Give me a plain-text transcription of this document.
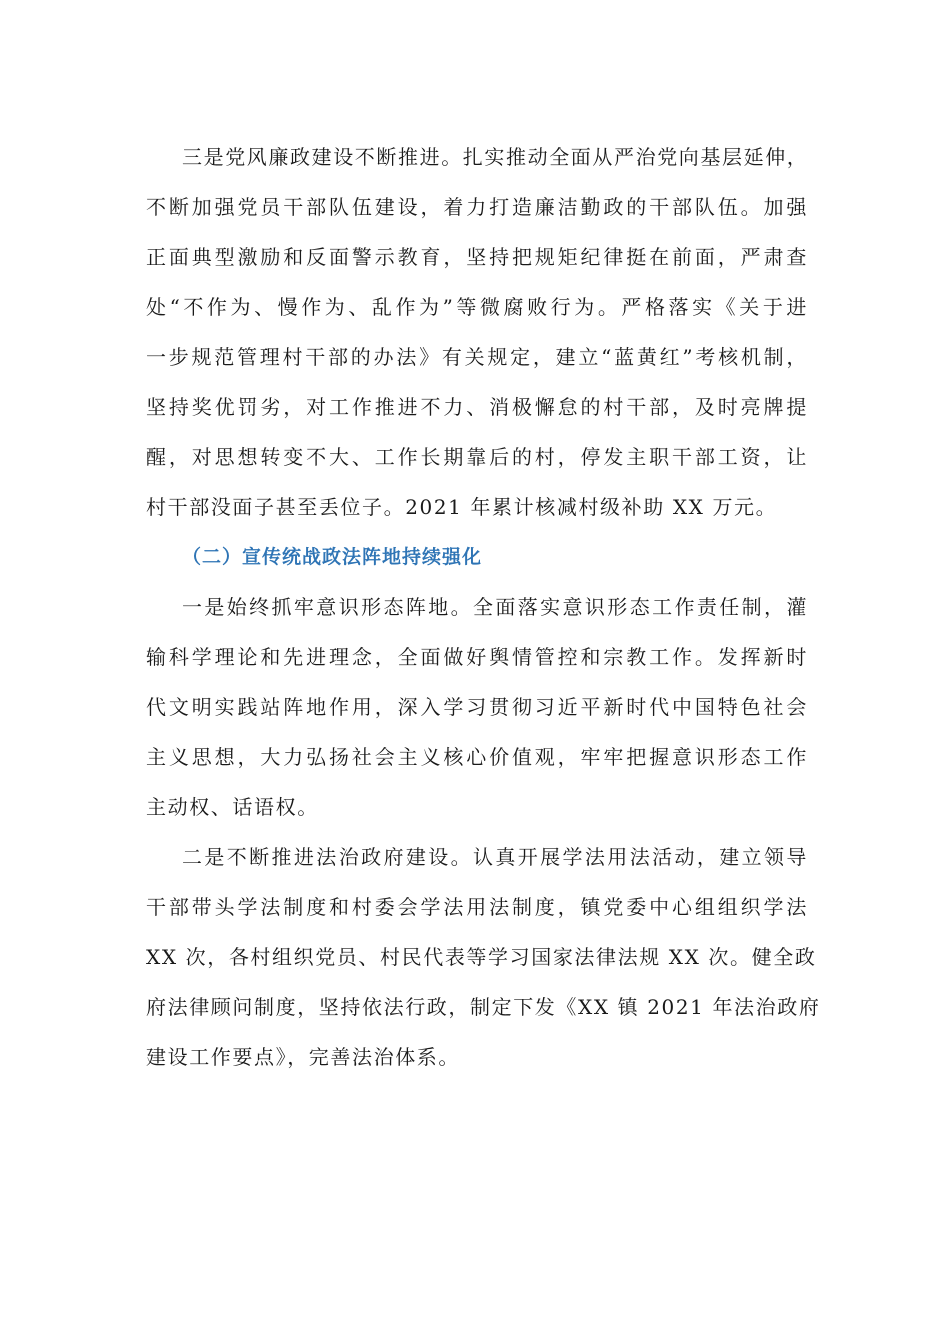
三是党风廉政建设不断推进。扎实推动全面从严治党向基层延伸，
不断加强党员干部队伍建设，着力打造廉洁勤政的干部队伍。加强
正面典型激励和反面警示教育，坚持把规矩纪律挺在前面，严肃查
处“不作为、慢作为、乱作为”等微腐败行为。严格落实《关于进
一步规范管理村干部的办法》有关规定，建立“蓝黄红”考核机制，
坚持奖优罚劣，对工作推进不力、消极懈怠的村干部，及时亮牌提
醒，对思想转变不大、工作长期靠后的村，停发主职干部工资，让
村干部没面子甚至丢位子。2021 年累计核减村级补助 XX 万元。

（二）宣传统战政法阵地持续强化

一是始终抓牢意识形态阵地。全面落实意识形态工作责任制，灌
输科学理论和先进理念，全面做好舆情管控和宗教工作。发挥新时
代文明实践站阵地作用，深入学习贯彻习近平新时代中国特色社会
主义思想，大力弘扬社会主义核心价值观，牢牢把握意识形态工作
主动权、话语权。

二是不断推进法治政府建设。认真开展学法用法活动，建立领导
干部带头学法制度和村委会学法用法制度，镇党委中心组组织学法
XX 次，各村组织党员、村民代表等学习国家法律法规 XX 次。健全政
府法律顾问制度，坚持依法行政，制定下发《XX 镇 2021 年法治政府
建设工作要点》，完善法治体系。
